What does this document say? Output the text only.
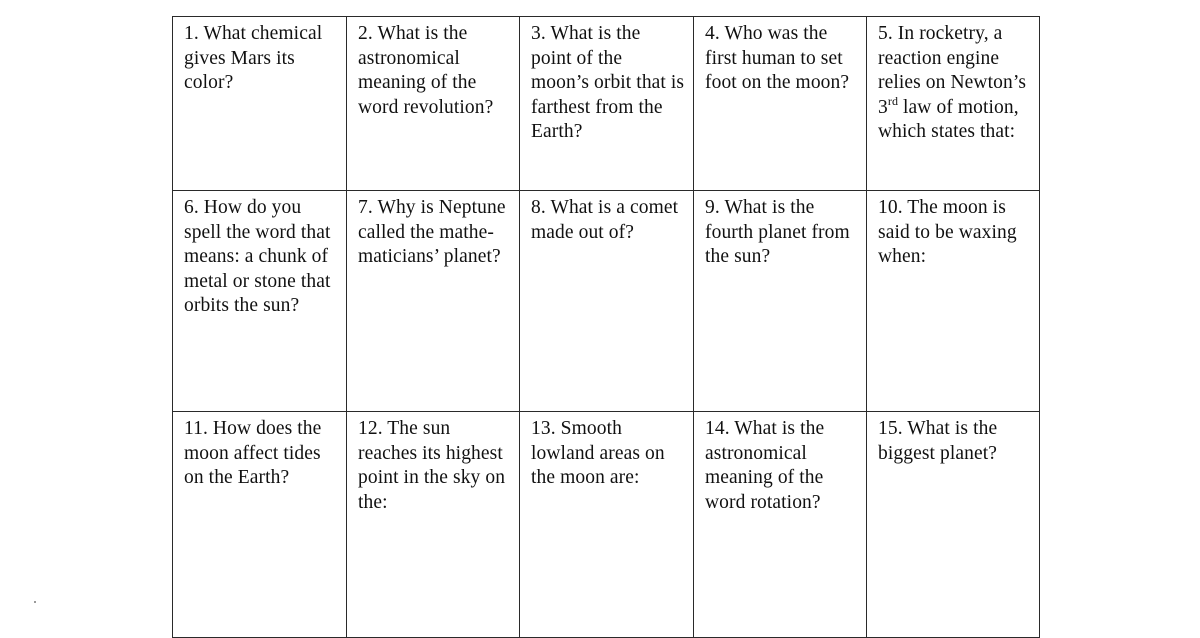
1. What chemical gives Mars its color?	2. What is the astronomical meaning of the word revolution?	3. What is the point of the moon’s orbit that is farthest from the Earth?	4. Who was the first human to set foot on the moon?	5. In rocketry, a reaction engine relies on Newton’s 3rd law of motion, which states that:
6. How do you spell the word that means: a chunk of metal or stone that orbits the sun?	7. Why is Neptune called the mathe-maticians’ planet?	8. What is a comet made out of?	9. What is the fourth planet from the sun?	10. The moon is said to be waxing when:
11. How does the moon affect tides on the Earth?	12. The sun reaches its highest point in the sky on the:	13. Smooth lowland areas on the moon are:	14. What is the astronomical meaning of the word rotation?	15. What is the biggest planet?
